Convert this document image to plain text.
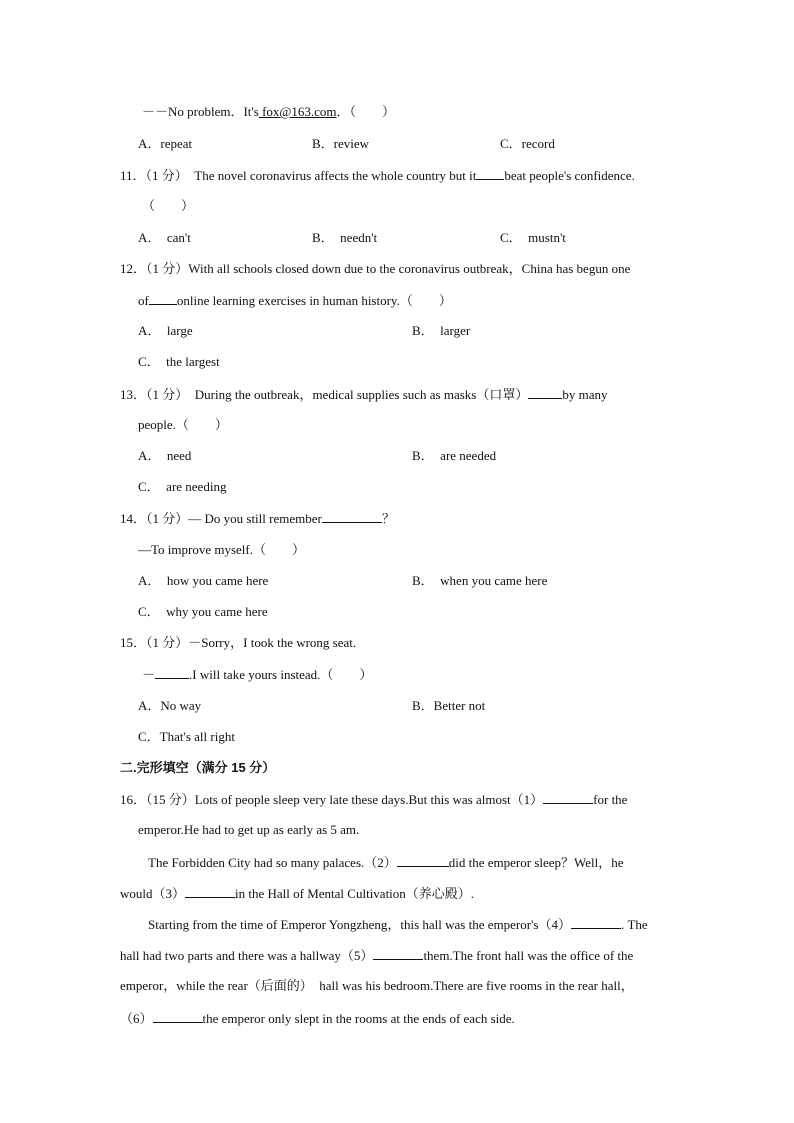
－－No problem．It's fox@163.com．（　　）
A．repeat	B．review	C．record
11．（1 分）　The novel coronavirus affects the whole country but it beat people's confidence.
（　　）
A．　can't	B．　needn't	C．　mustn't
12．（1 分）With all schools closed down due to the coronavirus outbreak，China has begun one
of online learning exercises in human history.（　　）
A．　large	B．　larger
C．　the largest
13．（1 分）　During the outbreak，medical supplies such as masks（口罩）	by many
people.（　　）
A．　need	B．　are needed
C．　are needing
14．（1 分）— Do you still remember	？
—To improve myself.（　　）
A．　how you came here	B．　when you came here
C．　why you came here
15．（1 分）－Sorry，I took the wrong seat.
－	.I will take yours instead.（　　）
A．No way	B．Better not
C．That's all right
二.完形填空（满分 15 分）
16．（15 分）Lots of people sleep very late these days.But this was almost（1）	for the
emperor.He had to get up as early as 5 am.
The Forbidden City had so many palaces.（2）	did the emperor sleep？Well，he
would（3）	in the Hall of Mental Cultivation（养心殿）.
Starting from the time of Emperor Yongzheng，this hall was the emperor's（4）	. The
hall had two parts and there was a hallway（5）	them.The front hall was the office of the
emperor，while the rear（后面的）　hall was his bedroom.There are five rooms in the rear hall，
（6）	the emperor only slept in the rooms at the ends of each side.
